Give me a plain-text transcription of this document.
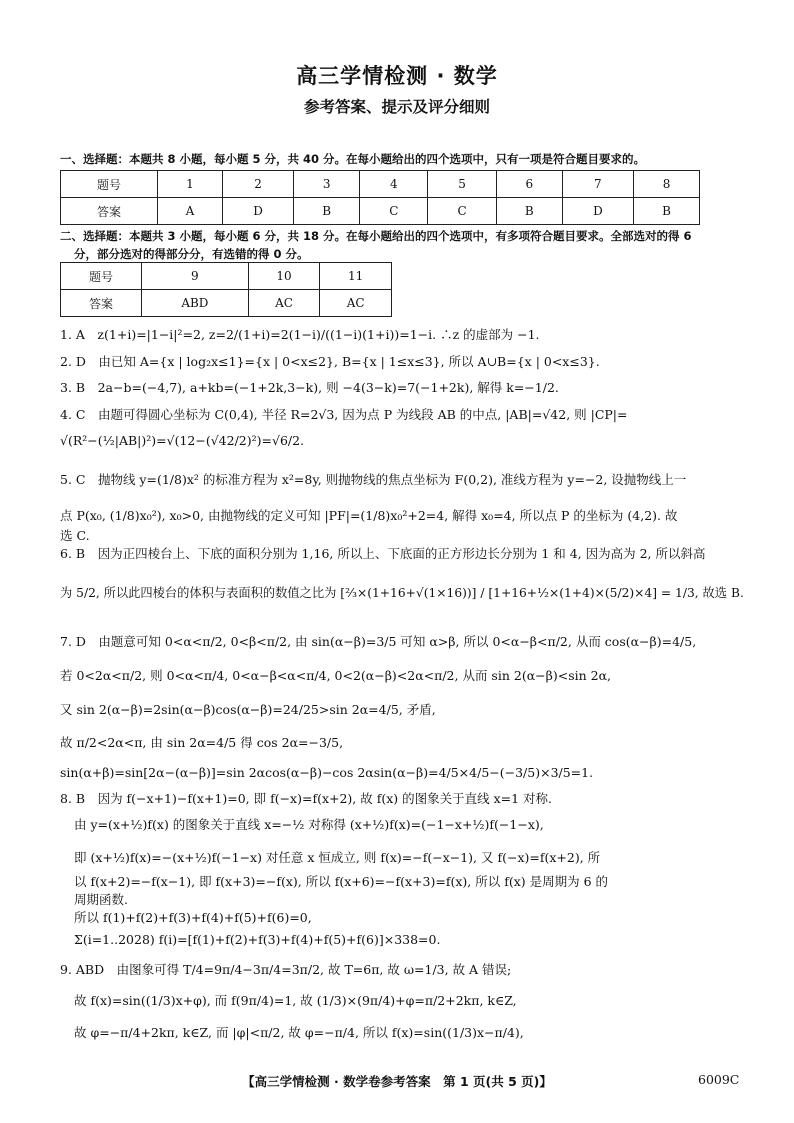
高三学情检测 · 数学
参考答案、提示及评分细则
一、选择题：本题共 8 小题，每小题 5 分，共 40 分。在每小题给出的四个选项中，只有一项是符合题目要求的。
题号	1	2	3	4	5	6	7	8
答案	A	D	B	C	C	B	D	B
二、选择题：本题共 3 小题，每小题 6 分，共 18 分。在每小题给出的四个选项中，有多项符合题目要求。全部选对的得 6
分，部分选对的得部分分，有选错的得 0 分。
题号	9	10	11
答案	ABD	AC	AC
1. A　z(1+i)=|1−i|²=2, z=2/(1+i)=2(1−i)/((1−i)(1+i))=1−i. ∴z 的虚部为 −1.
2. D　由已知 A={x | log₂x≤1}={x | 0<x≤2}, B={x | 1≤x≤3}, 所以 A∪B={x | 0<x≤3}.
3. B　2a−b=(−4,7), a+kb=(−1+2k,3−k), 则 −4(3−k)=7(−1+2k), 解得 k=−1/2.
4. C　由题可得圆心坐标为 C(0,4), 半径 R=2√3, 因为点 P 为线段 AB 的中点, |AB|=√42, 则 |CP|=
√(R²−(½|AB|)²)=√(12−(√42/2)²)=√6/2.
5. C　抛物线 y=(1/8)x² 的标准方程为 x²=8y, 则抛物线的焦点坐标为 F(0,2), 准线方程为 y=−2, 设抛物线上一
点 P(x₀, (1/8)x₀²), x₀>0, 由抛物线的定义可知 |PF|=(1/8)x₀²+2=4, 解得 x₀=4, 所以点 P 的坐标为 (4,2). 故
选 C.
6. B　因为正四棱台上、下底的面积分别为 1,16, 所以上、下底面的正方形边长分别为 1 和 4, 因为高为 2, 所以斜高
为 5/2, 所以此四棱台的体积与表面积的数值之比为 [⅔×(1+16+√(1×16))] / [1+16+½×(1+4)×(5/2)×4] = 1/3, 故选 B.
7. D　由题意可知 0<α<π/2, 0<β<π/2, 由 sin(α−β)=3/5 可知 α>β, 所以 0<α−β<π/2, 从而 cos(α−β)=4/5,
若 0<2α<π/2, 则 0<α<π/4, 0<α−β<α<π/4, 0<2(α−β)<2α<π/2, 从而 sin 2(α−β)<sin 2α,
又 sin 2(α−β)=2sin(α−β)cos(α−β)=24/25>sin 2α=4/5, 矛盾,
故 π/2<2α<π, 由 sin 2α=4/5 得 cos 2α=−3/5,
sin(α+β)=sin[2α−(α−β)]=sin 2αcos(α−β)−cos 2αsin(α−β)=4/5×4/5−(−3/5)×3/5=1.
8. B　因为 f(−x+1)−f(x+1)=0, 即 f(−x)=f(x+2), 故 f(x) 的图象关于直线 x=1 对称.
由 y=(x+½)f(x) 的图象关于直线 x=−½ 对称得 (x+½)f(x)=(−1−x+½)f(−1−x),
即 (x+½)f(x)=−(x+½)f(−1−x) 对任意 x 恒成立, 则 f(x)=−f(−x−1), 又 f(−x)=f(x+2), 所
以 f(x+2)=−f(x−1), 即 f(x+3)=−f(x), 所以 f(x+6)=−f(x+3)=f(x), 所以 f(x) 是周期为 6 的
周期函数.
所以 f(1)+f(2)+f(3)+f(4)+f(5)+f(6)=0,
Σ(i=1..2028) f(i)=[f(1)+f(2)+f(3)+f(4)+f(5)+f(6)]×338=0.
9. ABD　由图象可得 T/4=9π/4−3π/4=3π/2, 故 T=6π, 故 ω=1/3, 故 A 错误;
故 f(x)=sin((1/3)x+φ), 而 f(9π/4)=1, 故 (1/3)×(9π/4)+φ=π/2+2kπ, k∈Z,
故 φ=−π/4+2kπ, k∈Z, 而 |φ|<π/2, 故 φ=−π/4, 所以 f(x)=sin((1/3)x−π/4),
【高三学情检测 · 数学卷参考答案　第 1 页(共 5 页)】	6009C
